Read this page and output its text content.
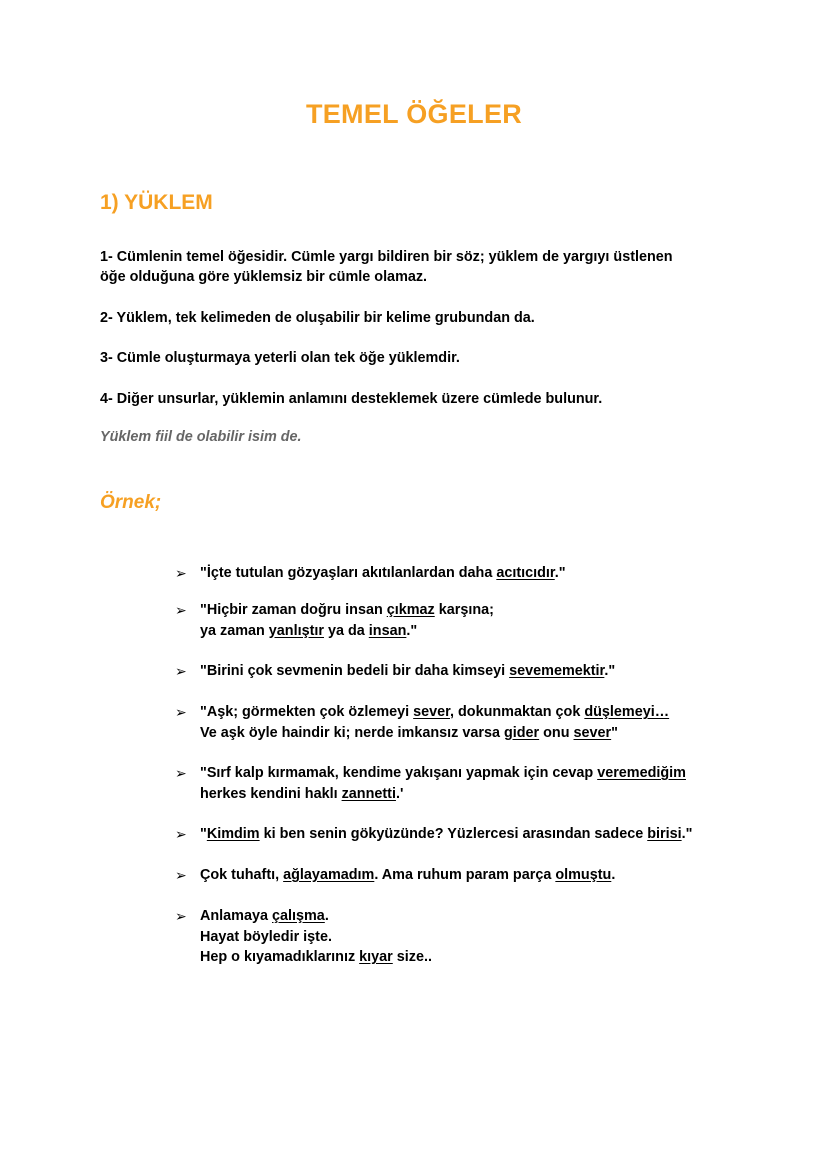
TEMEL ÖĞELER
1) YÜKLEM

1- Cümlenin temel öğesidir. Cümle yargı bildiren bir söz; yüklem de yargıyı üstlenen
öğe olduğuna göre yüklemsiz bir cümle olamaz.

2- Yüklem, tek kelimeden de oluşabilir bir kelime grubundan da.

3- Cümle oluşturmaya yeterli olan tek öğe yüklemdir.

4- Diğer unsurlar, yüklemin anlamını desteklemek üzere cümlede bulunur.

Yüklem fiil de olabilir isim de.
Örnek;
➢ "İçte tutulan gözyaşları akıtılanlardan daha acıtıcıdır."
➢ "Hiçbir zaman doğru insan çıkmaz karşına;
ya zaman yanlıştır ya da insan."
➢ "Birini çok sevmenin bedeli bir daha kimseyi sevememektir."
➢ "Aşk; görmekten çok özlemeyi sever, dokunmaktan çok düşlemeyi…
Ve aşk öyle haindir ki; nerde imkansız varsa gider onu sever"
➢ "Sırf kalp kırmamak, kendime yakışanı yapmak için cevap veremediğim
herkes kendini haklı zannetti.'
➢ "Kimdim ki ben senin gökyüzünde? Yüzlercesi arasından sadece birisi."
➢ Çok tuhaftı, ağlayamadım. Ama ruhum param parça olmuştu.
➢ Anlamaya çalışma.
Hayat böyledir işte.
Hep o kıyamadıklarınız kıyar size..
